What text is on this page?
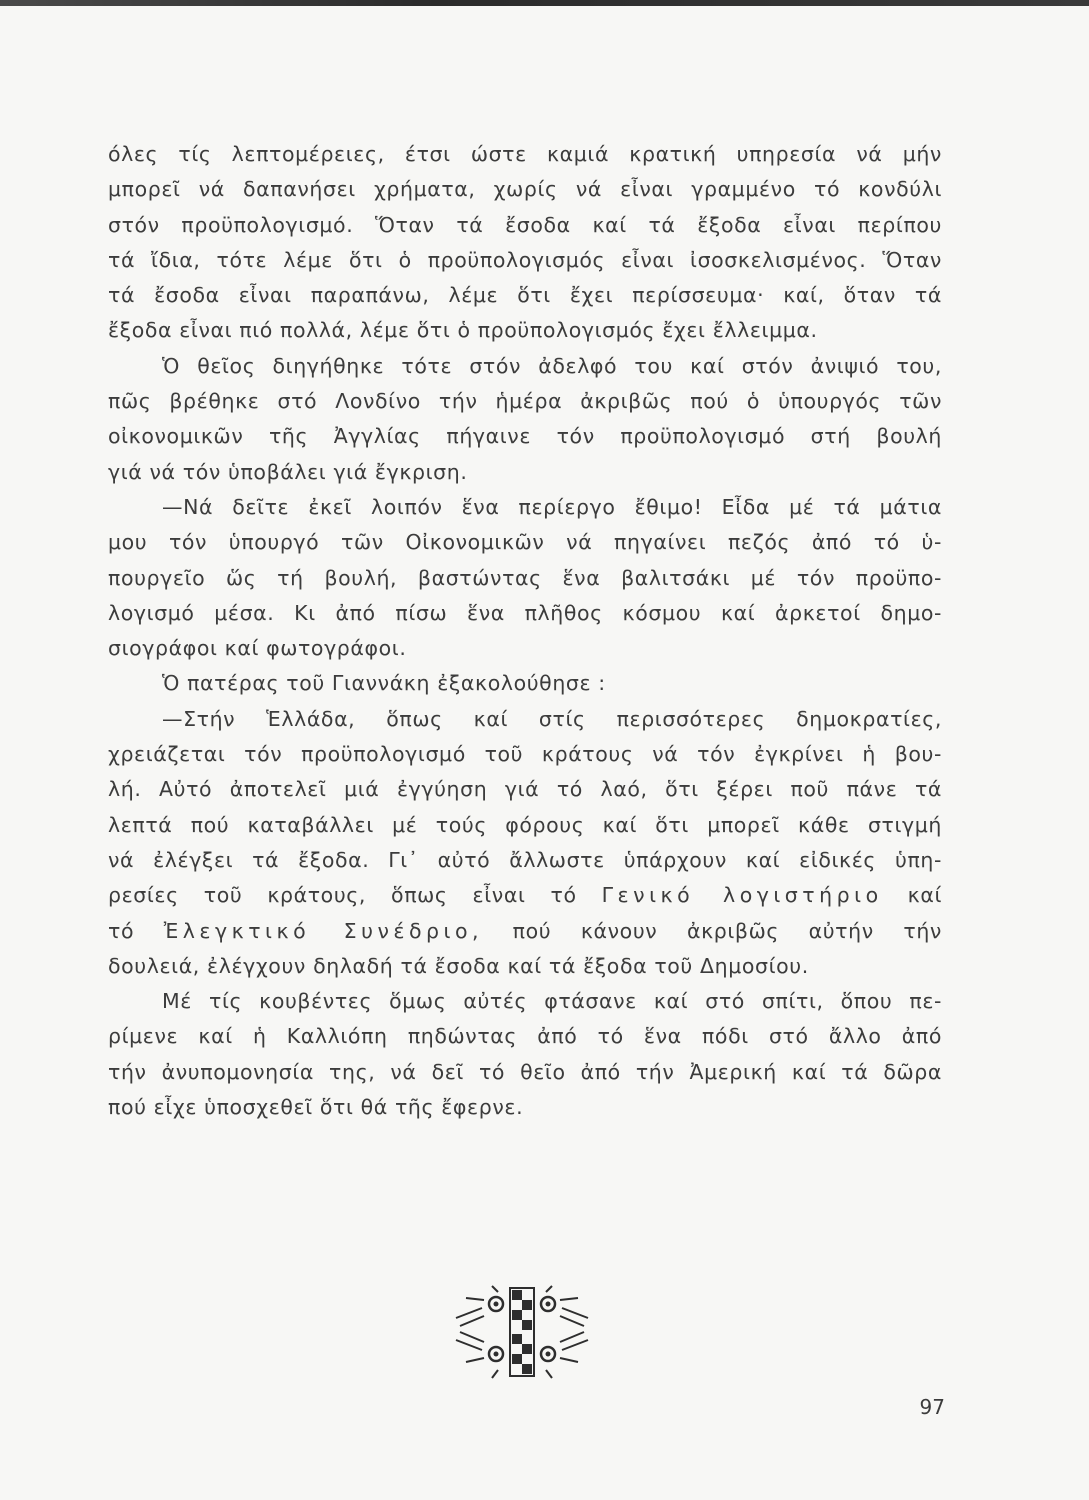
όλες τίς λεπτομέρειες, έτσι ώστε καμιά κρατική υπηρεσία νά μήν
μπορεῖ νά δαπανήσει χρήματα, χωρίς νά εἶναι γραμμένο τό κονδύλι
στόν προϋπολογισμό. Ὅταν τά ἔσοδα καί τά ἔξοδα εἶναι περίπου
τά ἴδια, τότε λέμε ὅτι ὁ προϋπολογισμός εἶναι ἰσοσκελισμένος. Ὅταν
τά ἔσοδα εἶναι παραπάνω, λέμε ὅτι ἔχει περίσσευμα· καί, ὅταν τά
ἔξοδα εἶναι πιό πολλά, λέμε ὅτι ὁ προϋπολογισμός ἔχει ἔλλειμμα.
Ὁ θεῖος διηγήθηκε τότε στόν ἀδελφό του καί στόν ἀνιψιό του,
πῶς βρέθηκε στό Λονδίνο τήν ἡμέρα ἀκριβῶς πού ὁ ὑπουργός τῶν
οἰκονομικῶν τῆς Ἀγγλίας πήγαινε τόν προϋπολογισμό στή βουλή
γιά νά τόν ὑποβάλει γιά ἔγκριση.
—Νά δεῖτε ἐκεῖ λοιπόν ἕνα περίεργο ἔθιμο! Εἶδα μέ τά μάτια
μου τόν ὑπουργό τῶν Οἰκονομικῶν νά πηγαίνει πεζός ἀπό τό ὑ-
πουργεῖο ὥς τή βουλή, βαστώντας ἕνα βαλιτσάκι μέ τόν προϋπο-
λογισμό μέσα. Κι ἀπό πίσω ἕνα πλῆθος κόσμου καί ἀρκετοί δημο-
σιογράφοι καί φωτογράφοι.
Ὁ πατέρας τοῦ Γιαννάκη ἐξακολούθησε :
—Στήν Ἑλλάδα, ὅπως καί στίς περισσότερες δημοκρατίες,
χρειάζεται τόν προϋπολογισμό τοῦ κράτους νά τόν ἐγκρίνει ἡ βου-
λή. Αὐτό ἀποτελεῖ μιά ἐγγύηση γιά τό λαό, ὅτι ξέρει ποῦ πάνε τά
λεπτά πού καταβάλλει μέ τούς φόρους καί ὅτι μπορεῖ κάθε στιγμή
νά ἐλέγξει τά ἔξοδα. Γι᾿ αὐτό ἄλλωστε ὑπάρχουν καί εἰδικές ὑπη-
ρεσίες τοῦ κράτους, ὅπως εἶναι τό Γενικό λογιστήριο καί
τό Ἐλεγκτικό Συνέδριο, πού κάνουν ἀκριβῶς αὐτήν τήν
δουλειά, ἐλέγχουν δηλαδή τά ἔσοδα καί τά ἔξοδα τοῦ Δημοσίου.
Μέ τίς κουβέντες ὅμως αὐτές φτάσανε καί στό σπίτι, ὅπου πε-
ρίμενε καί ἡ Καλλιόπη πηδώντας ἀπό τό ἕνα πόδι στό ἄλλο ἀπό
τήν ἀνυπομονησία της, νά δεῖ τό θεῖο ἀπό τήν Ἀμερική καί τά δῶρα
πού εἶχε ὑποσχεθεῖ ὅτι θά τῆς ἔφερνε.
97
